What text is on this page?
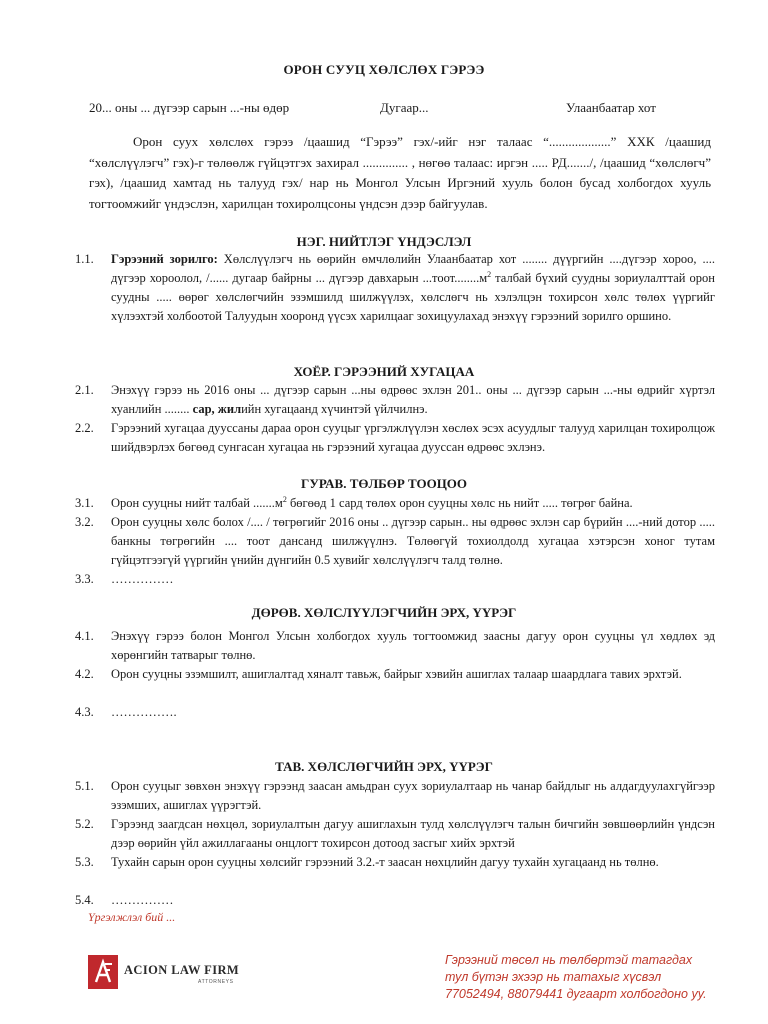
ОРОН СУУЦ ХӨЛСЛӨХ ГЭРЭЭ
20... оны ... дүгээр сарын ...-ны өдөр	Дугаар...	Улаанбаатар хот
Орон суух хөлслөх гэрээ /цаашид “Гэрээ” гэх/-ийг нэг талаас “...................” ХХК /цаашид “хөлслүүлэгч” гэх)-г төлөөлж гүйцэтгэх захирал .............. , нөгөө талаас: иргэн ..... РД......./, /цаашид “хөлслөгч” гэх), /цаашид хамтад нь талууд гэх/ нар нь Монгол Улсын Иргэний хууль болон бусад холбогдох хууль тогтоомжийг үндэслэн, харилцан тохиролцсоны үндсэн дээр байгуулав.
НЭГ. НИЙТЛЭГ ҮНДЭСЛЭЛ
1.1.	Гэрээний зорилго: Хөлслүүлэгч нь өөрийн өмчлөлийн Улаанбаатар хот ........ дүүргийн ....дүгээр хороо, .... дүгээр хороолол, /...... дугаар байрны ... дүгээр давхарын $...тоот........м^2$ талбай бүхий суудны зориулалттай орон суудны ..... өөрөг хөлслөгчийн эзэмшилд шилжүүлэх, хөлслөгч нь хэлэлцэн тохирсон хөлс төлөх үүргийг хүлээхтэй холбоотой Талуудын хооронд үүсэх харилцааг зохицуулахад энэхүү гэрээний зорилго оршино.
ХОЁР. ГЭРЭЭНИЙ ХУГАЦАА
2.1.	Энэхүү гэрээ нь 2016 оны ... дүгээр сарын ...ны өдрөөс эхлэн 201.. оны ... дүгээр сарын ...-ны өдрийг хүртэл хуанлийн ........ сар, жилийн хугацаанд хүчинтэй үйлчилнэ.
2.2.	Гэрээний хугацаа дууссаны дараа орон сууцыг үргэлжлүүлэн хөслөх эсэх асуудлыг талууд харилцан тохиролцож шийдвэрлэх бөгөөд сунгасан хугацаа нь гэрээний хугацаа дууссан өдрөөс эхлэнэ.
ГУРАВ. ТӨЛБӨР ТООЦОО
3.1.	Орон сууцны нийт талбай $.......м^2$ бөгөөд 1 сард төлөх орон сууцны хөлс нь нийт ..... төгрөг байна.
3.2.	Орон сууцны хөлс болох /.... / төгрөгийг 2016 оны .. дүгээр сарын.. ны өдрөөс эхлэн сар бүрийн ....-ний дотор ..... банкны төгрөгийн .... тоот дансанд шилжүүлнэ. Төлөөгүй тохиолдолд хугацаа хэтэрсэн хоног тутам гүйцэтгээгүй үүргийн үнийн дүнгийн 0.5 хувийг хөлслүүлэгч талд төлнө.
3.3.	……………
ДӨРӨВ. ХӨЛСЛҮҮЛЭГЧИЙН ЭРХ, ҮҮРЭГ
4.1.	Энэхүү гэрээ болон Монгол Улсын холбогдох хууль тогтоомжид заасны дагуу орон сууцны үл хөдлөх эд хөрөнгийн татварыг төлнө.
4.2.	Орон сууцны эзэмшилт, ашиглалтад хяналт тавьж, байрыг хэвийн ашиглах талаар шаардлага тавих эрхтэй.
4.3.	…………….
ТАВ. ХӨЛСЛӨГЧИЙН ЭРХ, ҮҮРЭГ
5.1.	Орон сууцыг зөвхөн энэхүү гэрээнд заасан амьдран суух зориулалтаар нь чанар байдлыг нь алдагдуулахгүйгээр эзэмших, ашиглах үүрэгтэй.
5.2.	Гэрээнд заагдсан нөхцөл, зориулалтын дагуу ашиглахын тулд хөлслүүлэгч талын бичгийн зөвшөөрлийн үндсэн дээр өөрийн үйл ажиллагааны онцлогт тохирсон дотоод засгыг хийх эрхтэй
5.3.	Тухайн сарын орон сууцны хөлсийг гэрээний 3.2.-т заасан нөхцлийн дагуу тухайн хугацаанд нь төлнө.
5.4.	……………
Үргэлжлэл бий ...
ACION LAW FIRM
ATTORNEYS
Гэрээний төсөл нь төлбөртэй татагдах
тул бүтэн эхээр нь татахыг хүсвэл
77052494, 88079441 дугаарт холбогдоно уу.
